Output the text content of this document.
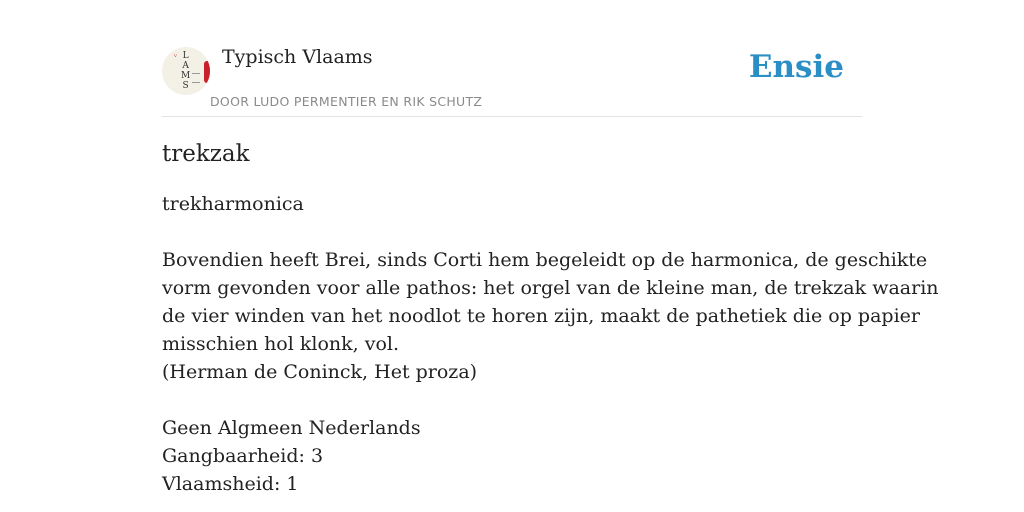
V L
A
M
S
Typisch Vlaams
DOOR LUDO PERMENTIER EN RIK SCHUTZ
Ensie
trekzak
trekharmonica
Bovendien heeft Brei, sinds Corti hem begeleidt op de harmonica, de geschikte
vorm gevonden voor alle pathos: het orgel van de kleine man, de trekzak waarin
de vier winden van het noodlot te horen zijn, maakt de pathetiek die op papier
misschien hol klonk, vol.
(Herman de Coninck, Het proza)
Geen Algmeen Nederlands
Gangbaarheid: 3
Vlaamsheid: 1
